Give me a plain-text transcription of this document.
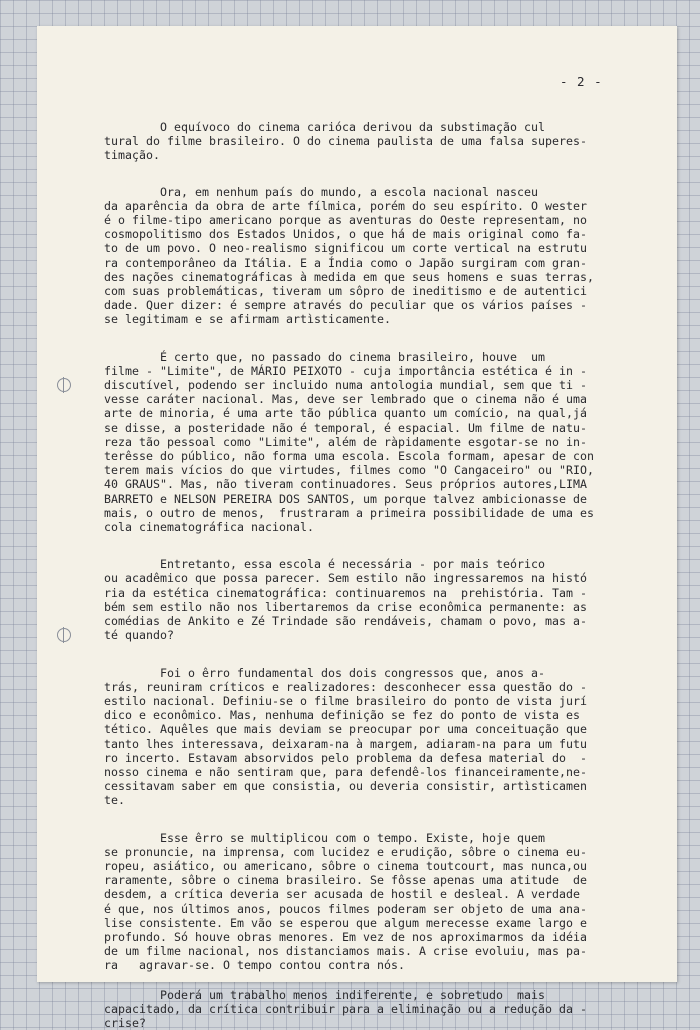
- 2 -
O equívoco do cinema carióca derivou da substimação cul
tural do filme brasileiro. O do cinema paulista de uma falsa superes-
timação.
Ora, em nenhum país do mundo, a escola nacional nasceu
da aparência da obra de arte fílmica, porém do seu espírito. O wester
é o filme-tipo americano porque as aventuras do Oeste representam, no
cosmopolitismo dos Estados Unidos, o que há de mais original como fa-
to de um povo. O neo-realismo significou um corte vertical na estrutu
ra contemporâneo da Itália. E a Índia como o Japão surgiram com gran-
des nações cinematográficas à medida em que seus homens e suas terras,
com suas problemáticas, tiveram um sôpro de ineditismo e de autentici
dade. Quer dizer: é sempre através do peculiar que os vários países -
se legitimam e se afirmam artìsticamente.
É certo que, no passado do cinema brasileiro, houve  um
filme - "Limite", de MÁRIO PEIXOTO - cuja importância estética é in -
discutível, podendo ser incluido numa antologia mundial, sem que ti -
vesse caráter nacional. Mas, deve ser lembrado que o cinema não é uma
arte de minoria, é uma arte tão pública quanto um comício, na qual,já
se disse, a posteridade não é temporal, é espacial. Um filme de natu-
reza tão pessoal como "Limite", além de ràpidamente esgotar-se no in-
terêsse do público, não forma uma escola. Escola formam, apesar de con
terem mais vícios do que virtudes, filmes como "O Cangaceiro" ou "RIO,
40 GRAUS". Mas, não tiveram continuadores. Seus próprios autores,LIMA
BARRETO e NELSON PEREIRA DOS SANTOS, um porque talvez ambicionasse de
mais, o outro de menos,  frustraram a primeira possibilidade de uma es
cola cinematográfica nacional.
Entretanto, essa escola é necessária - por mais teórico
ou acadêmico que possa parecer. Sem estilo não ingressaremos na histó
ria da estética cinematográfica: continuaremos na  prehistória. Tam -
bém sem estilo não nos libertaremos da crise econômica permanente: as
comédias de Ankito e Zé Trindade são rendáveis, chamam o povo, mas a-
té quando?
Foi o êrro fundamental dos dois congressos que, anos a-
trás, reuniram críticos e realizadores: desconhecer essa questão do -
estilo nacional. Definiu-se o filme brasileiro do ponto de vista jurí
dico e econômico. Mas, nenhuma definição se fez do ponto de vista es
tético. Aquêles que mais deviam se preocupar por uma conceituação que
tanto lhes interessava, deixaram-na à margem, adiaram-na para um futu
ro incerto. Estavam absorvidos pelo problema da defesa material do  -
nosso cinema e não sentiram que, para defendê-los financeiramente,ne-
cessitavam saber em que consistia, ou deveria consistir, artìsticamen
te.
Esse êrro se multiplicou com o tempo. Existe, hoje quem
se pronuncie, na imprensa, com lucidez e erudição, sôbre o cinema eu-
ropeu, asiático, ou americano, sôbre o cinema toutcourt, mas nunca,ou
raramente, sôbre o cinema brasileiro. Se fôsse apenas uma atitude  de
desdem, a crítica deveria ser acusada de hostil e desleal. A verdade
é que, nos últimos anos, poucos filmes poderam ser objeto de uma ana-
lise consistente. Em vão se esperou que algum merecesse exame largo e
profundo. Só houve obras menores. Em vez de nos aproximarmos da idéia
de um filme nacional, nos distanciamos mais. A crise evoluiu, mas pa-
ra   agravar-se. O tempo contou contra nós.
Poderá um trabalho menos indiferente, e sobretudo  mais
capacitado, da crítica contribuir para a eliminação ou a redução da -
crise?
